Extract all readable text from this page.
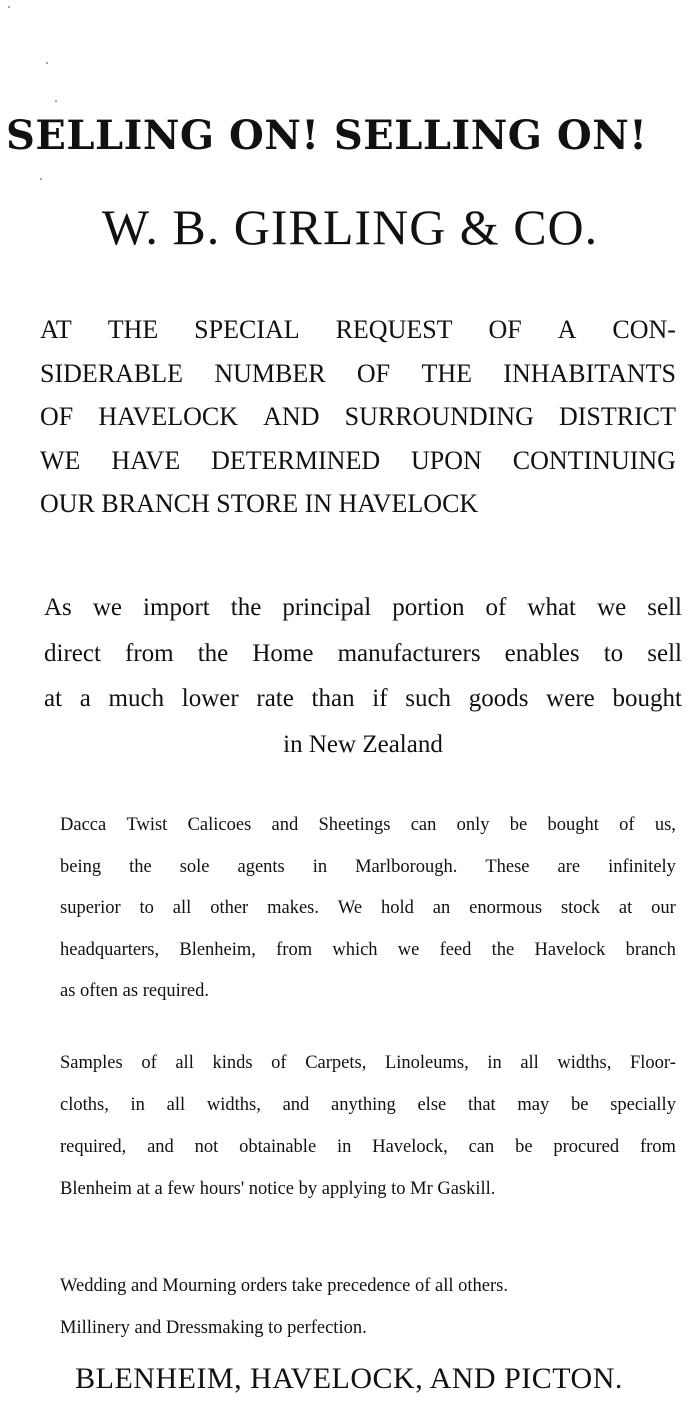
SELLING ON! SELLING ON!
W. B. GIRLING & CO.
AT THE SPECIAL REQUEST OF A CON-
SIDERABLE NUMBER OF THE INHABITANTS
OF HAVELOCK AND SURROUNDING DISTRICT
WE HAVE DETERMINED UPON CONTINUING
OUR BRANCH STORE IN HAVELOCK
As we import the principal portion of what we sell
direct from the Home manufacturers enables to sell
at a much lower rate than if such goods were bought
in New Zealand
Dacca Twist Calicoes and Sheetings can only be bought of us,
being the sole agents in Marlborough. These are infinitely
superior to all other makes. We hold an enormous stock at our
headquarters, Blenheim, from which we feed the Havelock branch
as often as required.
Samples of all kinds of Carpets, Linoleums, in all widths, Floor-
cloths, in all widths, and anything else that may be specially
required, and not obtainable in Havelock, can be procured from
Blenheim at a few hours' notice by applying to Mr Gaskill.
Wedding and Mourning orders take precedence of all others.
Millinery and Dressmaking to perfection.
BLENHEIM, HAVELOCK, AND PICTON.
